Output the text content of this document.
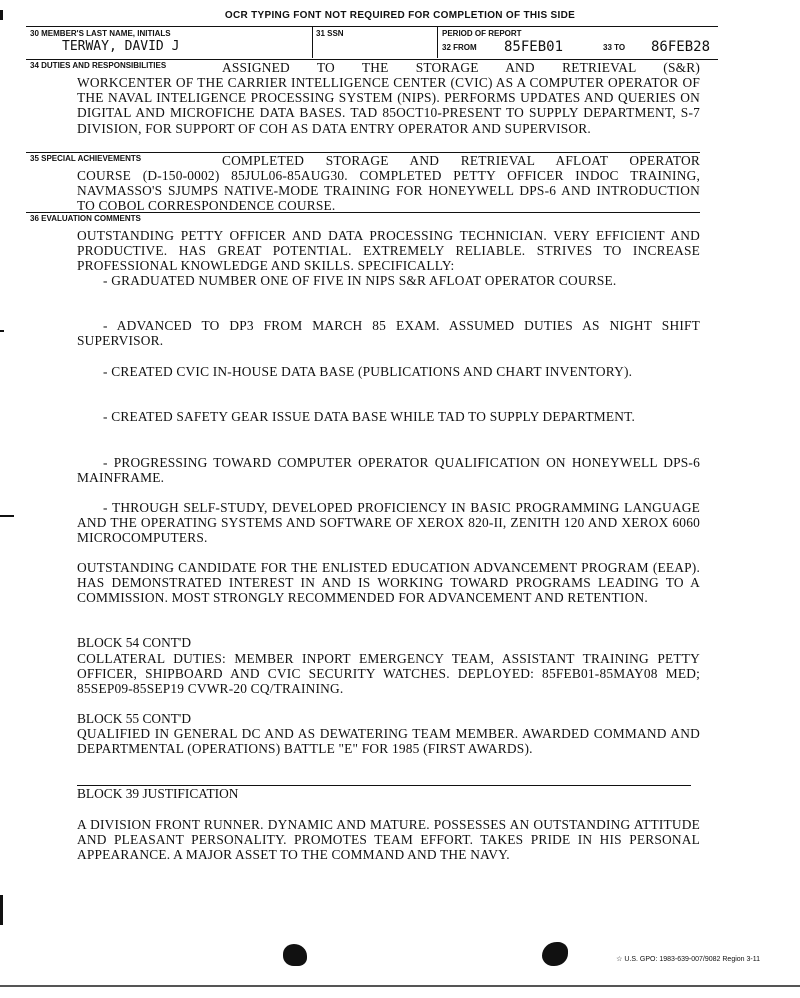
OCR TYPING FONT NOT REQUIRED FOR COMPLETION OF THIS SIDE
30 MEMBER'S LAST NAME, INITIALS
TERWAY, DAVID J
31 SSN	PERIOD OF REPORT
32 FROM 85FEB01	33 TO 86FEB28
34 DUTIES AND RESPONSIBILITIES	ASSIGNED TO THE STORAGE AND RETRIEVAL (S&R)
WORKCENTER OF THE CARRIER INTELLIGENCE CENTER (CVIC) AS A COMPUTER OPERATOR OF THE NAVAL INTELIGENCE PROCESSING SYSTEM (NIPS). PERFORMS UPDATES AND QUERIES ON DIGITAL AND MICROFICHE DATA BASES. TAD 85OCT10-PRESENT TO SUPPLY DEPARTMENT, S-7 DIVISION, FOR SUPPORT OF COH AS DATA ENTRY OPERATOR AND SUPERVISOR.
35 SPECIAL ACHIEVEMENTS	COMPLETED STORAGE AND RETRIEVAL AFLOAT OPERATOR
COURSE (D-150-0002) 85JUL06-85AUG30. COMPLETED PETTY OFFICER INDOC TRAINING, NAVMASSO'S SJUMPS NATIVE-MODE TRAINING FOR HONEYWELL DPS-6 AND INTRODUCTION TO COBOL CORRESPONDENCE COURSE.
36 EVALUATION COMMENTS
OUTSTANDING PETTY OFFICER AND DATA PROCESSING TECHNICIAN. VERY EFFICIENT AND PRODUCTIVE. HAS GREAT POTENTIAL. EXTREMELY RELIABLE. STRIVES TO INCREASE PROFESSIONAL KNOWLEDGE AND SKILLS. SPECIFICALLY:
- GRADUATED NUMBER ONE OF FIVE IN NIPS S&R AFLOAT OPERATOR COURSE.
- ADVANCED TO DP3 FROM MARCH 85 EXAM. ASSUMED DUTIES AS NIGHT SHIFT SUPERVISOR.
- CREATED CVIC IN-HOUSE DATA BASE (PUBLICATIONS AND CHART INVENTORY).
- CREATED SAFETY GEAR ISSUE DATA BASE WHILE TAD TO SUPPLY DEPARTMENT.
- PROGRESSING TOWARD COMPUTER OPERATOR QUALIFICATION ON HONEYWELL DPS-6 MAINFRAME.
- THROUGH SELF-STUDY, DEVELOPED PROFICIENCY IN BASIC PROGRAMMING LANGUAGE AND THE OPERATING SYSTEMS AND SOFTWARE OF XEROX 820-II, ZENITH 120 AND XEROX 6060 MICROCOMPUTERS.
OUTSTANDING CANDIDATE FOR THE ENLISTED EDUCATION ADVANCEMENT PROGRAM (EEAP). HAS DEMONSTRATED INTEREST IN AND IS WORKING TOWARD PROGRAMS LEADING TO A COMMISSION. MOST STRONGLY RECOMMENDED FOR ADVANCEMENT AND RETENTION.
BLOCK 54 CONT'D
COLLATERAL DUTIES: MEMBER INPORT EMERGENCY TEAM, ASSISTANT TRAINING PETTY OFFICER, SHIPBOARD AND CVIC SECURITY WATCHES. DEPLOYED: 85FEB01-85MAY08 MED; 85SEP09-85SEP19 CVWR-20 CQ/TRAINING.
BLOCK 55 CONT'D
QUALIFIED IN GENERAL DC AND AS DEWATERING TEAM MEMBER. AWARDED COMMAND AND DEPARTMENTAL (OPERATIONS) BATTLE "E" FOR 1985 (FIRST AWARDS).
BLOCK 39 JUSTIFICATION
A DIVISION FRONT RUNNER. DYNAMIC AND MATURE. POSSESSES AN OUTSTANDING ATTITUDE AND PLEASANT PERSONALITY. PROMOTES TEAM EFFORT. TAKES PRIDE IN HIS PERSONAL APPEARANCE. A MAJOR ASSET TO THE COMMAND AND THE NAVY.
☆ U.S. GPO: 1983-639-007/9082 Region 3-11
